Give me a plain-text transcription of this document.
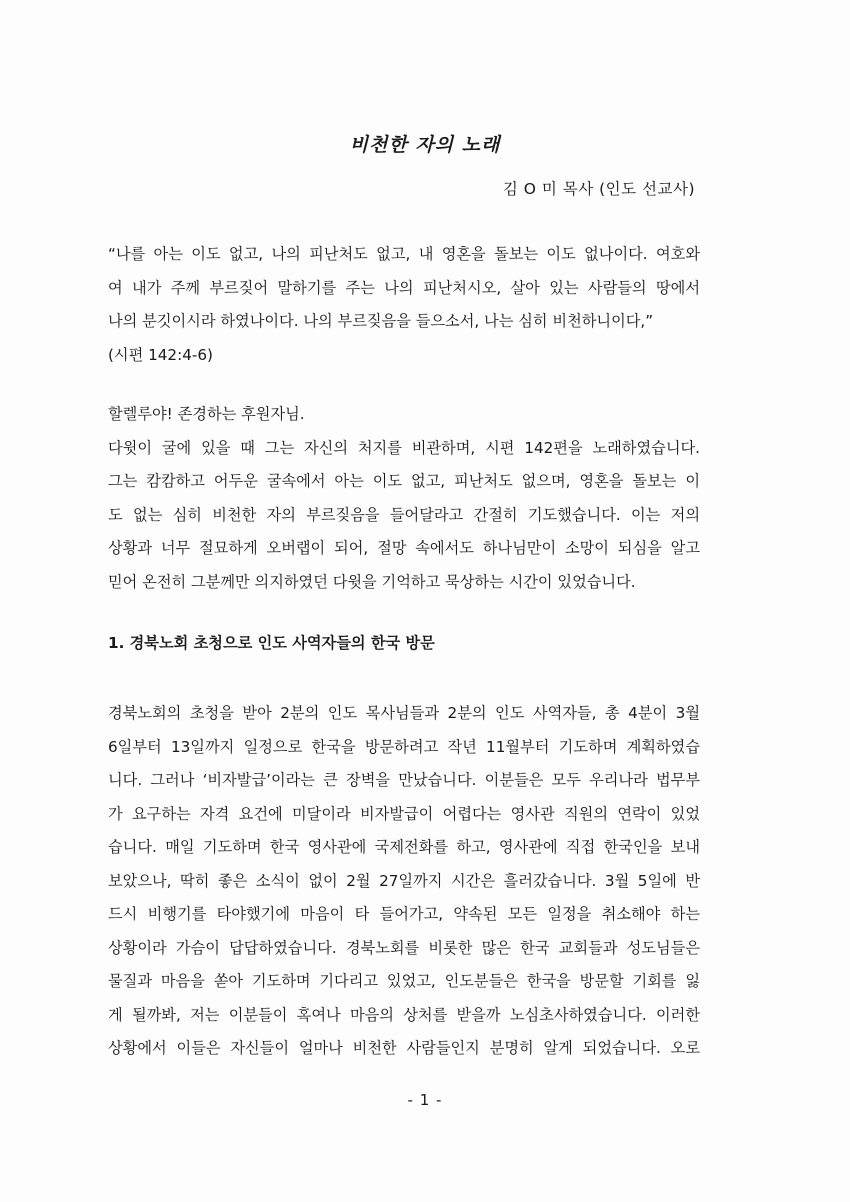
비천한 자의 노래
김 O 미 목사 (인도 선교사)
“나를 아는 이도 없고, 나의 피난처도 없고, 내 영혼을 돌보는 이도 없나이다. 여호와
여 내가 주께 부르짖어 말하기를 주는 나의 피난처시오, 살아 있는 사람들의 땅에서
나의 분깃이시라 하였나이다. 나의 부르짖음을 들으소서, 나는 심히 비천하니이다,”
(시편 142:4-6)
할렐루야! 존경하는 후원자님.
다윗이 굴에 있을 때 그는 자신의 처지를 비관하며, 시편 142편을 노래하였습니다.
그는 캄캄하고 어두운 굴속에서 아는 이도 없고, 피난처도 없으며, 영혼을 돌보는 이
도 없는 심히 비천한 자의 부르짖음을 들어달라고 간절히 기도했습니다. 이는 저의
상황과 너무 절묘하게 오버랩이 되어, 절망 속에서도 하나님만이 소망이 되심을 알고
믿어 온전히 그분께만 의지하였던 다윗을 기억하고 묵상하는 시간이 있었습니다.
1. 경북노회 초청으로 인도 사역자들의 한국 방문
경북노회의 초청을 받아 2분의 인도 목사님들과 2분의 인도 사역자들, 총 4분이 3월
6일부터 13일까지 일정으로 한국을 방문하려고 작년 11월부터 기도하며 계획하였습
니다. 그러나 ‘비자발급’이라는 큰 장벽을 만났습니다. 이분들은 모두 우리나라 법무부
가 요구하는 자격 요건에 미달이라 비자발급이 어렵다는 영사관 직원의 연락이 있었
습니다. 매일 기도하며 한국 영사관에 국제전화를 하고, 영사관에 직접 한국인을 보내
보았으나, 딱히 좋은 소식이 없이 2월 27일까지 시간은 흘러갔습니다. 3월 5일에 반
드시 비행기를 타야했기에 마음이 타 들어가고, 약속된 모든 일정을 취소해야 하는
상황이라 가슴이 답답하였습니다. 경북노회를 비롯한 많은 한국 교회들과 성도님들은
물질과 마음을 쏟아 기도하며 기다리고 있었고, 인도분들은 한국을 방문할 기회를 잃
게 될까봐, 저는 이분들이 혹여나 마음의 상처를 받을까 노심초사하였습니다. 이러한
상황에서 이들은 자신들이 얼마나 비천한 사람들인지 분명히 알게 되었습니다. 오로
- 1 -
